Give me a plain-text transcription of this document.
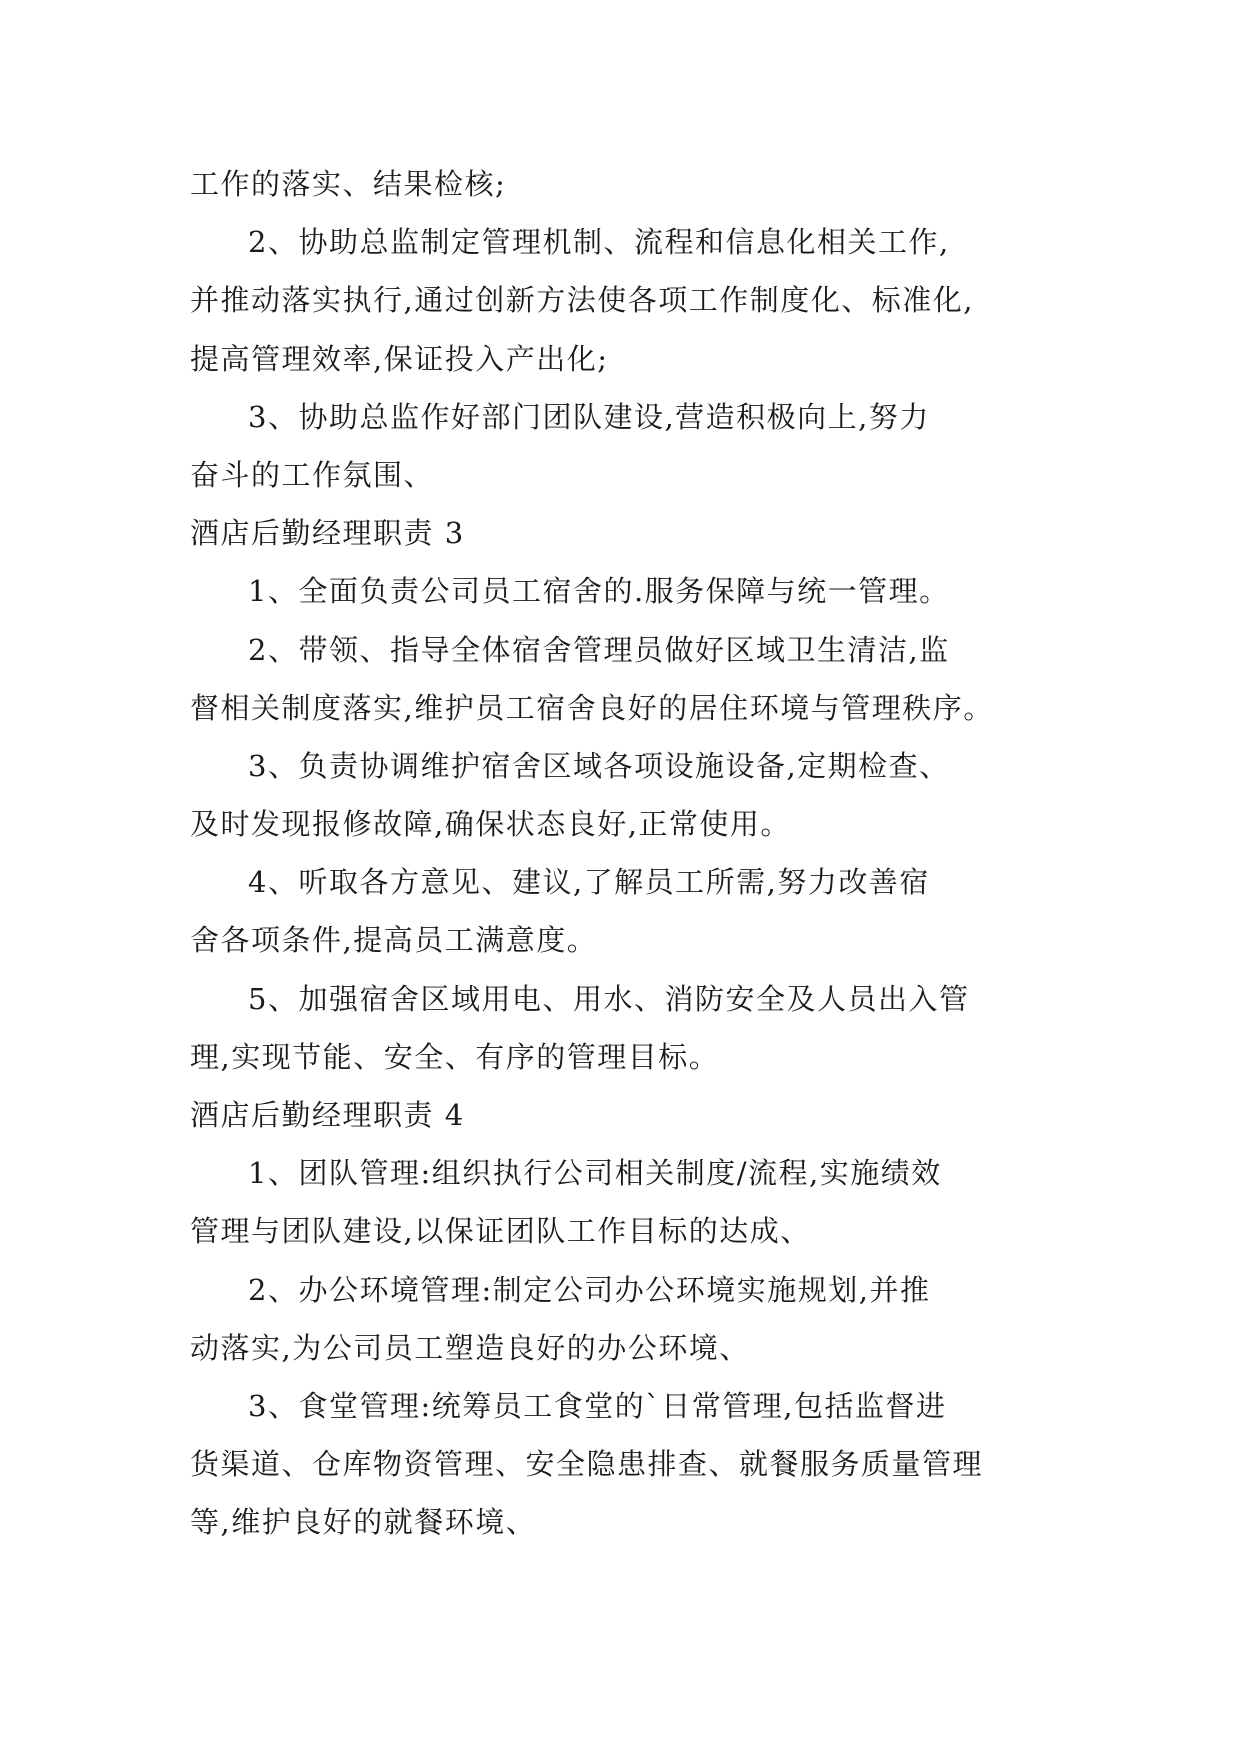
工作的落实、结果检核;
2、协助总监制定管理机制、流程和信息化相关工作,
并推动落实执行,通过创新方法使各项工作制度化、标准化,
提高管理效率,保证投入产出化;
3、协助总监作好部门团队建设,营造积极向上,努力
奋斗的工作氛围、
酒店后勤经理职责 3
1、全面负责公司员工宿舍的.服务保障与统一管理。
2、带领、指导全体宿舍管理员做好区域卫生清洁,监
督相关制度落实,维护员工宿舍良好的居住环境与管理秩序。
3、负责协调维护宿舍区域各项设施设备,定期检查、
及时发现报修故障,确保状态良好,正常使用。
4、听取各方意见、建议,了解员工所需,努力改善宿
舍各项条件,提高员工满意度。
5、加强宿舍区域用电、用水、消防安全及人员出入管
理,实现节能、安全、有序的管理目标。
酒店后勤经理职责 4
1、团队管理:组织执行公司相关制度/流程,实施绩效
管理与团队建设,以保证团队工作目标的达成、
2、办公环境管理:制定公司办公环境实施规划,并推
动落实,为公司员工塑造良好的办公环境、
3、食堂管理:统筹员工食堂的`日常管理,包括监督进
货渠道、仓库物资管理、安全隐患排查、就餐服务质量管理
等,维护良好的就餐环境、
